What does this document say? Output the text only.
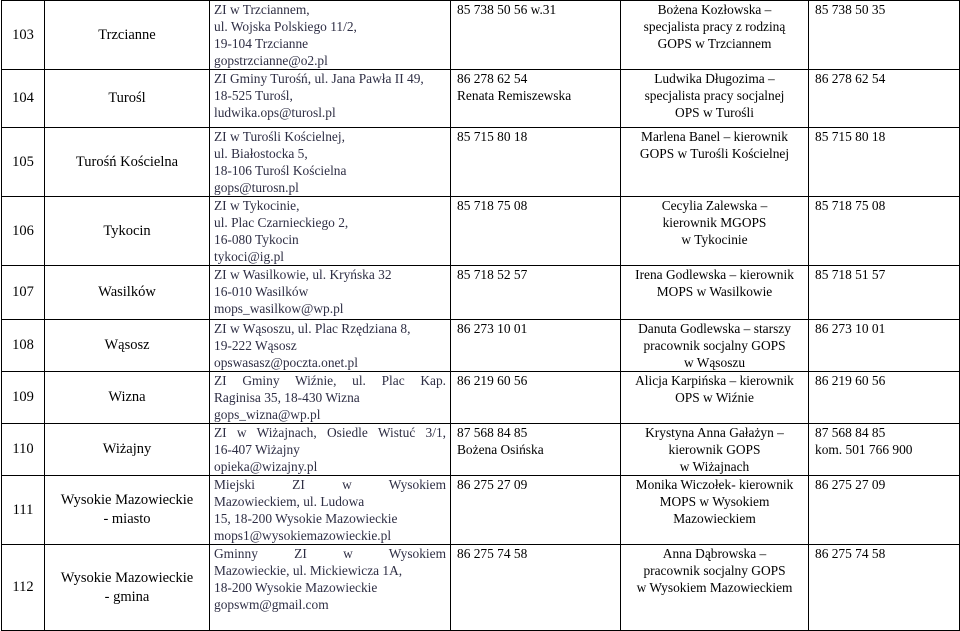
103	Trzcianne	ZI w Trzciannem,
ul. Wojska Polskiego 11/2,
19-104 Trzcianne
gopstrzcianne@o2.pl	85 738 50 56 w.31	Bożena Kozłowska –
specjalista pracy z rodziną
GOPS w Trzciannem	85 738 50 35

104	Turośl	ZI Gminy Turośń, ul. Jana Pawła II 49,
18-525 Turośl,
ludwika.ops@turosl.pl	86 278 62 54
Renata Remiszewska	Ludwika Długozima –
specjalista pracy socjalnej
OPS w Turośli	86 278 62 54

105	Turośń Kościelna	ZI w Turośli Kościelnej,
ul. Białostocka 5,
18-106 Turośl Kościelna
gops@turosn.pl	85 715 80 18	Marlena Banel – kierownik
GOPS w Turośli Kościelnej	85 715 80 18

106	Tykocin	ZI w Tykocinie,
ul. Plac Czarnieckiego 2,
16-080 Tykocin
tykoci@ig.pl	85 718 75 08	Cecylia Zalewska –
kierownik MGOPS
w Tykocinie	85 718 75 08

107	Wasilków	ZI w Wasilkowie, ul. Kryńska 32
16-010 Wasilków
mops_wasilkow@wp.pl	85 718 52 57	Irena Godlewska – kierownik
MOPS w Wasilkowie	85 718 51 57

108	Wąsosz	ZI w Wąsoszu, ul. Plac Rzędziana 8,
19-222 Wąsosz
opswasasz@poczta.onet.pl	86 273 10 01	Danuta Godlewska – starszy
pracownik socjalny GOPS
w Wąsoszu	86 273 10 01

109	Wizna	ZI Gminy Wiźnie, ul. Plac Kap.
Raginisa 35, 18-430 Wizna
gops_wizna@wp.pl	86 219 60 56	Alicja Karpińska – kierownik
OPS w Wiźnie	86 219 60 56

110	Wiżajny	ZI w Wiżajnach, Osiedle Wistuć 3/1,
16-407 Wiżajny
opieka@wizajny.pl	87 568 84 85
Bożena Osińska	Krystyna Anna Gałażyn –
kierownik GOPS
w Wiżajnach	87 568 84 85
kom. 501 766 900

111	Wysokie Mazowieckie
- miasto	Miejski ZI w Wysokiem
Mazowieckiem, ul. Ludowa
15, 18-200 Wysokie Mazowieckie
mops1@wysokiemazowieckie.pl	86 275 27 09	Monika Wiczołek- kierownik
MOPS w Wysokiem
Mazowieckiem	86 275 27 09

112	Wysokie Mazowieckie
- gmina	Gminny ZI w Wysokiem
Mazowieckie, ul. Mickiewicza 1A,
18-200 Wysokie Mazowieckie
gopswm@gmail.com	86 275 74 58	Anna Dąbrowska –
pracownik socjalny GOPS
w Wysokiem Mazowieckiem	86 275 74 58
